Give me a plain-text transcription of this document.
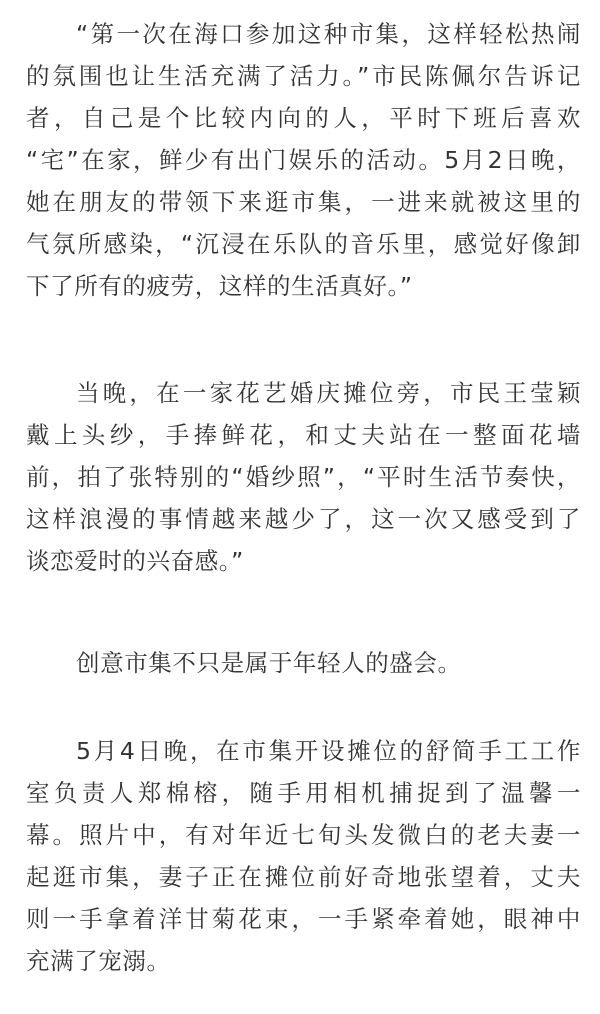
“第一次在海口参加这种市集，这样轻松热闹
的氛围也让生活充满了活力。”市民陈佩尔告诉记
者，自己是个比较内向的人，平时下班后喜欢
“宅”在家，鲜少有出门娱乐的活动。5月2日晚，
她在朋友的带领下来逛市集，一进来就被这里的
气氛所感染，“沉浸在乐队的音乐里，感觉好像卸
下了所有的疲劳，这样的生活真好。”
当晚，在一家花艺婚庆摊位旁，市民王莹颖
戴上头纱，手捧鲜花，和丈夫站在一整面花墙
前，拍了张特别的“婚纱照”，“平时生活节奏快，
这样浪漫的事情越来越少了，这一次又感受到了
谈恋爱时的兴奋感。”
创意市集不只是属于年轻人的盛会。
5月4日晚，在市集开设摊位的舒简手工工作
室负责人郑棉榕，随手用相机捕捉到了温馨一
幕。照片中，有对年近七旬头发微白的老夫妻一
起逛市集，妻子正在摊位前好奇地张望着，丈夫
则一手拿着洋甘菊花束，一手紧牵着她，眼神中
充满了宠溺。
